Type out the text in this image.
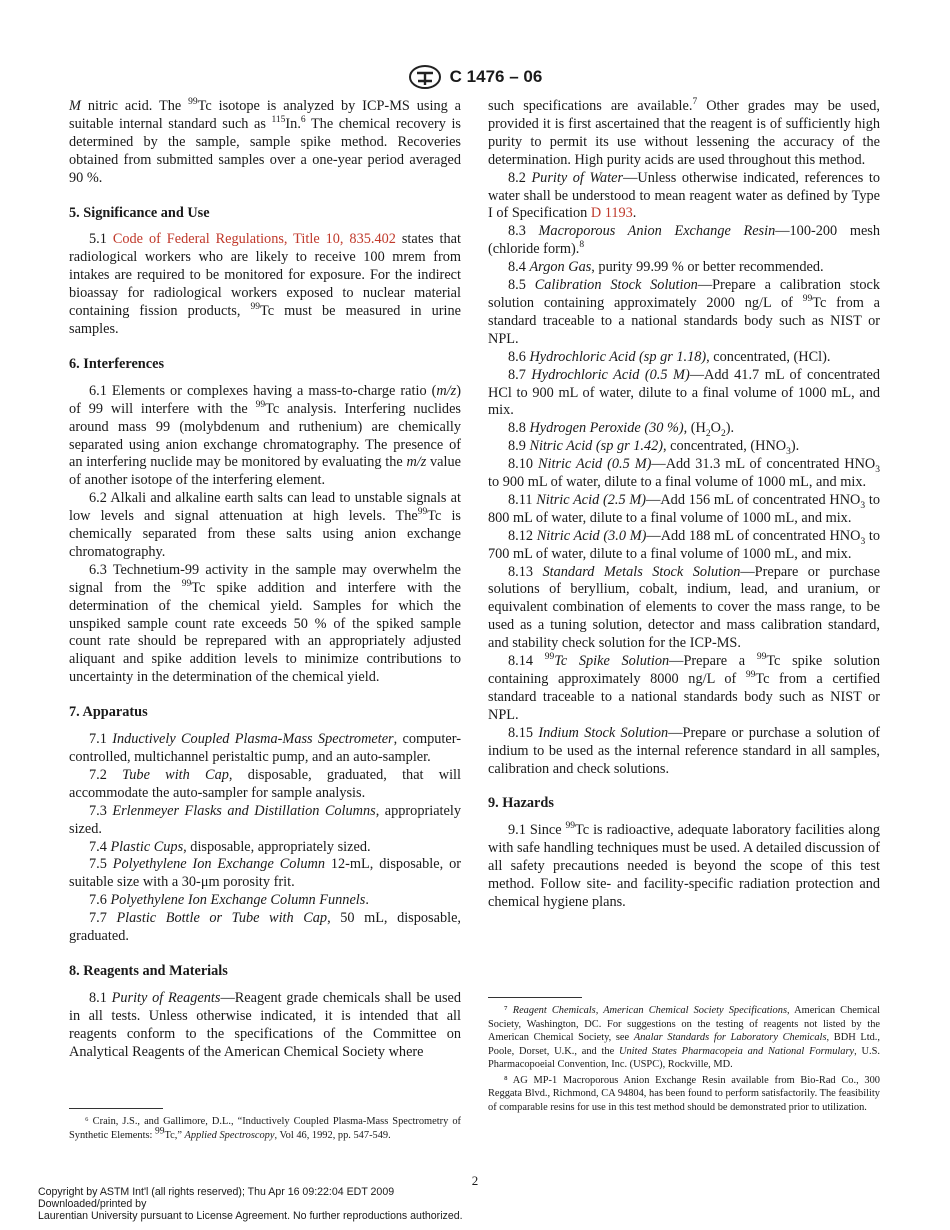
C 1476 – 06

M nitric acid. The $^{99}$Tc isotope is analyzed by ICP-MS using a suitable internal standard such as $^{115}$In.$^6$ The chemical recovery is determined by the sample, sample spike method. Recoveries obtained from submitted samples over a one-year period averaged 90 %.

5. Significance and Use

5.1 Code of Federal Regulations, Title 10, 835.402 states that radiological workers who are likely to receive 100 mrem from intakes are required to be monitored for exposure. For the indirect bioassay for radiological workers exposed to nuclear material containing fission products, $^{99}$Tc must be measured in urine samples.

6. Interferences

6.1 Elements or complexes having a mass-to-charge ratio (m/z) of 99 will interfere with the $^{99}$Tc analysis. Interfering nuclides around mass 99 (molybdenum and ruthenium) are chemically separated using anion exchange chromatography. The presence of an interfering nuclide may be monitored by evaluating the m/z value of another isotope of the interfering element.

6.2 Alkali and alkaline earth salts can lead to unstable signals at low levels and signal attenuation at high levels. The$^{99}$Tc is chemically separated from these salts using anion exchange chromatography.

6.3 Technetium-99 activity in the sample may overwhelm the signal from the $^{99}$Tc spike addition and interfere with the determination of the chemical yield. Samples for which the unspiked sample count rate exceeds 50 % of the spiked sample count rate should be reprepared with an appropriately adjusted aliquant and spike addition levels to minimize contributions to uncertainty in the determination of the chemical yield.

7. Apparatus

7.1 Inductively Coupled Plasma-Mass Spectrometer, computer-controlled, multichannel peristaltic pump, and an auto-sampler.

7.2 Tube with Cap, disposable, graduated, that will accommodate the auto-sampler for sample analysis.

7.3 Erlenmeyer Flasks and Distillation Columns, appropriately sized.

7.4 Plastic Cups, disposable, appropriately sized.

7.5 Polyethylene Ion Exchange Column 12-mL, disposable, or suitable size with a 30-μm porosity frit.

7.6 Polyethylene Ion Exchange Column Funnels.

7.7 Plastic Bottle or Tube with Cap, 50 mL, disposable, graduated.

8. Reagents and Materials

8.1 Purity of Reagents—Reagent grade chemicals shall be used in all tests. Unless otherwise indicated, it is intended that all reagents conform to the specifications of the Committee on Analytical Reagents of the American Chemical Society where

⁶ Crain, J.S., and Gallimore, D.L., “Inductively Coupled Plasma-Mass Spectrometry of Synthetic Elements: $^{99}$Tc,” Applied Spectroscopy, Vol 46, 1992, pp. 547-549.

such specifications are available.$^7$ Other grades may be used, provided it is first ascertained that the reagent is of sufficiently high purity to permit its use without lessening the accuracy of the determination. High purity acids are used throughout this method.

8.2 Purity of Water—Unless otherwise indicated, references to water shall be understood to mean reagent water as defined by Type I of Specification D 1193.

8.3 Macroporous Anion Exchange Resin—100-200 mesh (chloride form).$^8$

8.4 Argon Gas, purity 99.99 % or better recommended.

8.5 Calibration Stock Solution—Prepare a calibration stock solution containing approximately 2000 ng/L of $^{99}$Tc from a standard traceable to a national standards body such as NIST or NPL.

8.6 Hydrochloric Acid (sp gr 1.18), concentrated, (HCl).

8.7 Hydrochloric Acid (0.5 M)—Add 41.7 mL of concentrated HCl to 900 mL of water, dilute to a final volume of 1000 mL, and mix.

8.8 Hydrogen Peroxide (30 %), $(H_2O_2)$.

8.9 Nitric Acid (sp gr 1.42), concentrated, $(HNO_3)$.

8.10 Nitric Acid (0.5 M)—Add 31.3 mL of concentrated $HNO_3$ to 900 mL of water, dilute to a final volume of 1000 mL, and mix.

8.11 Nitric Acid (2.5 M)—Add 156 mL of concentrated $HNO_3$ to 800 mL of water, dilute to a final volume of 1000 mL, and mix.

8.12 Nitric Acid (3.0 M)—Add 188 mL of concentrated $HNO_3$ to 700 mL of water, dilute to a final volume of 1000 mL, and mix.

8.13 Standard Metals Stock Solution—Prepare or purchase solutions of beryllium, cobalt, indium, lead, and uranium, or equivalent combination of elements to cover the mass range, to be used as a tuning solution, detector and mass calibration standard, and stability check solution for the ICP-MS.

8.14 $^{99}$Tc Spike Solution—Prepare a $^{99}$Tc spike solution containing approximately 8000 ng/L of $^{99}$Tc from a certified standard traceable to a national standards body such as NIST or NPL.

8.15 Indium Stock Solution—Prepare or purchase a solution of indium to be used as the internal reference standard in all samples, calibration and check solutions.

9. Hazards

9.1 Since $^{99}$Tc is radioactive, adequate laboratory facilities along with safe handling techniques must be used. A detailed discussion of all safety precautions needed is beyond the scope of this test method. Follow site- and facility-specific radiation protection and chemical hygiene plans.

⁷ Reagent Chemicals, American Chemical Society Specifications, American Chemical Society, Washington, DC. For suggestions on the testing of reagents not listed by the American Chemical Society, see Analar Standards for Laboratory Chemicals, BDH Ltd., Poole, Dorset, U.K., and the United States Pharmacopeia and National Formulary, U.S. Pharmacopoeial Convention, Inc. (USPC), Rockville, MD.

⁸ AG MP-1 Macroporous Anion Exchange Resin available from Bio-Rad Co., 300 Reggata Blvd., Richmond, CA 94804, has been found to perform satisfactorily. The feasibility of comparable resins for use in this test method should be demonstrated prior to utilization.

2
Copyright by ASTM Int'l (all rights reserved); Thu Apr 16 09:22:04 EDT 2009
Downloaded/printed by
Laurentian University pursuant to License Agreement. No further reproductions authorized.
